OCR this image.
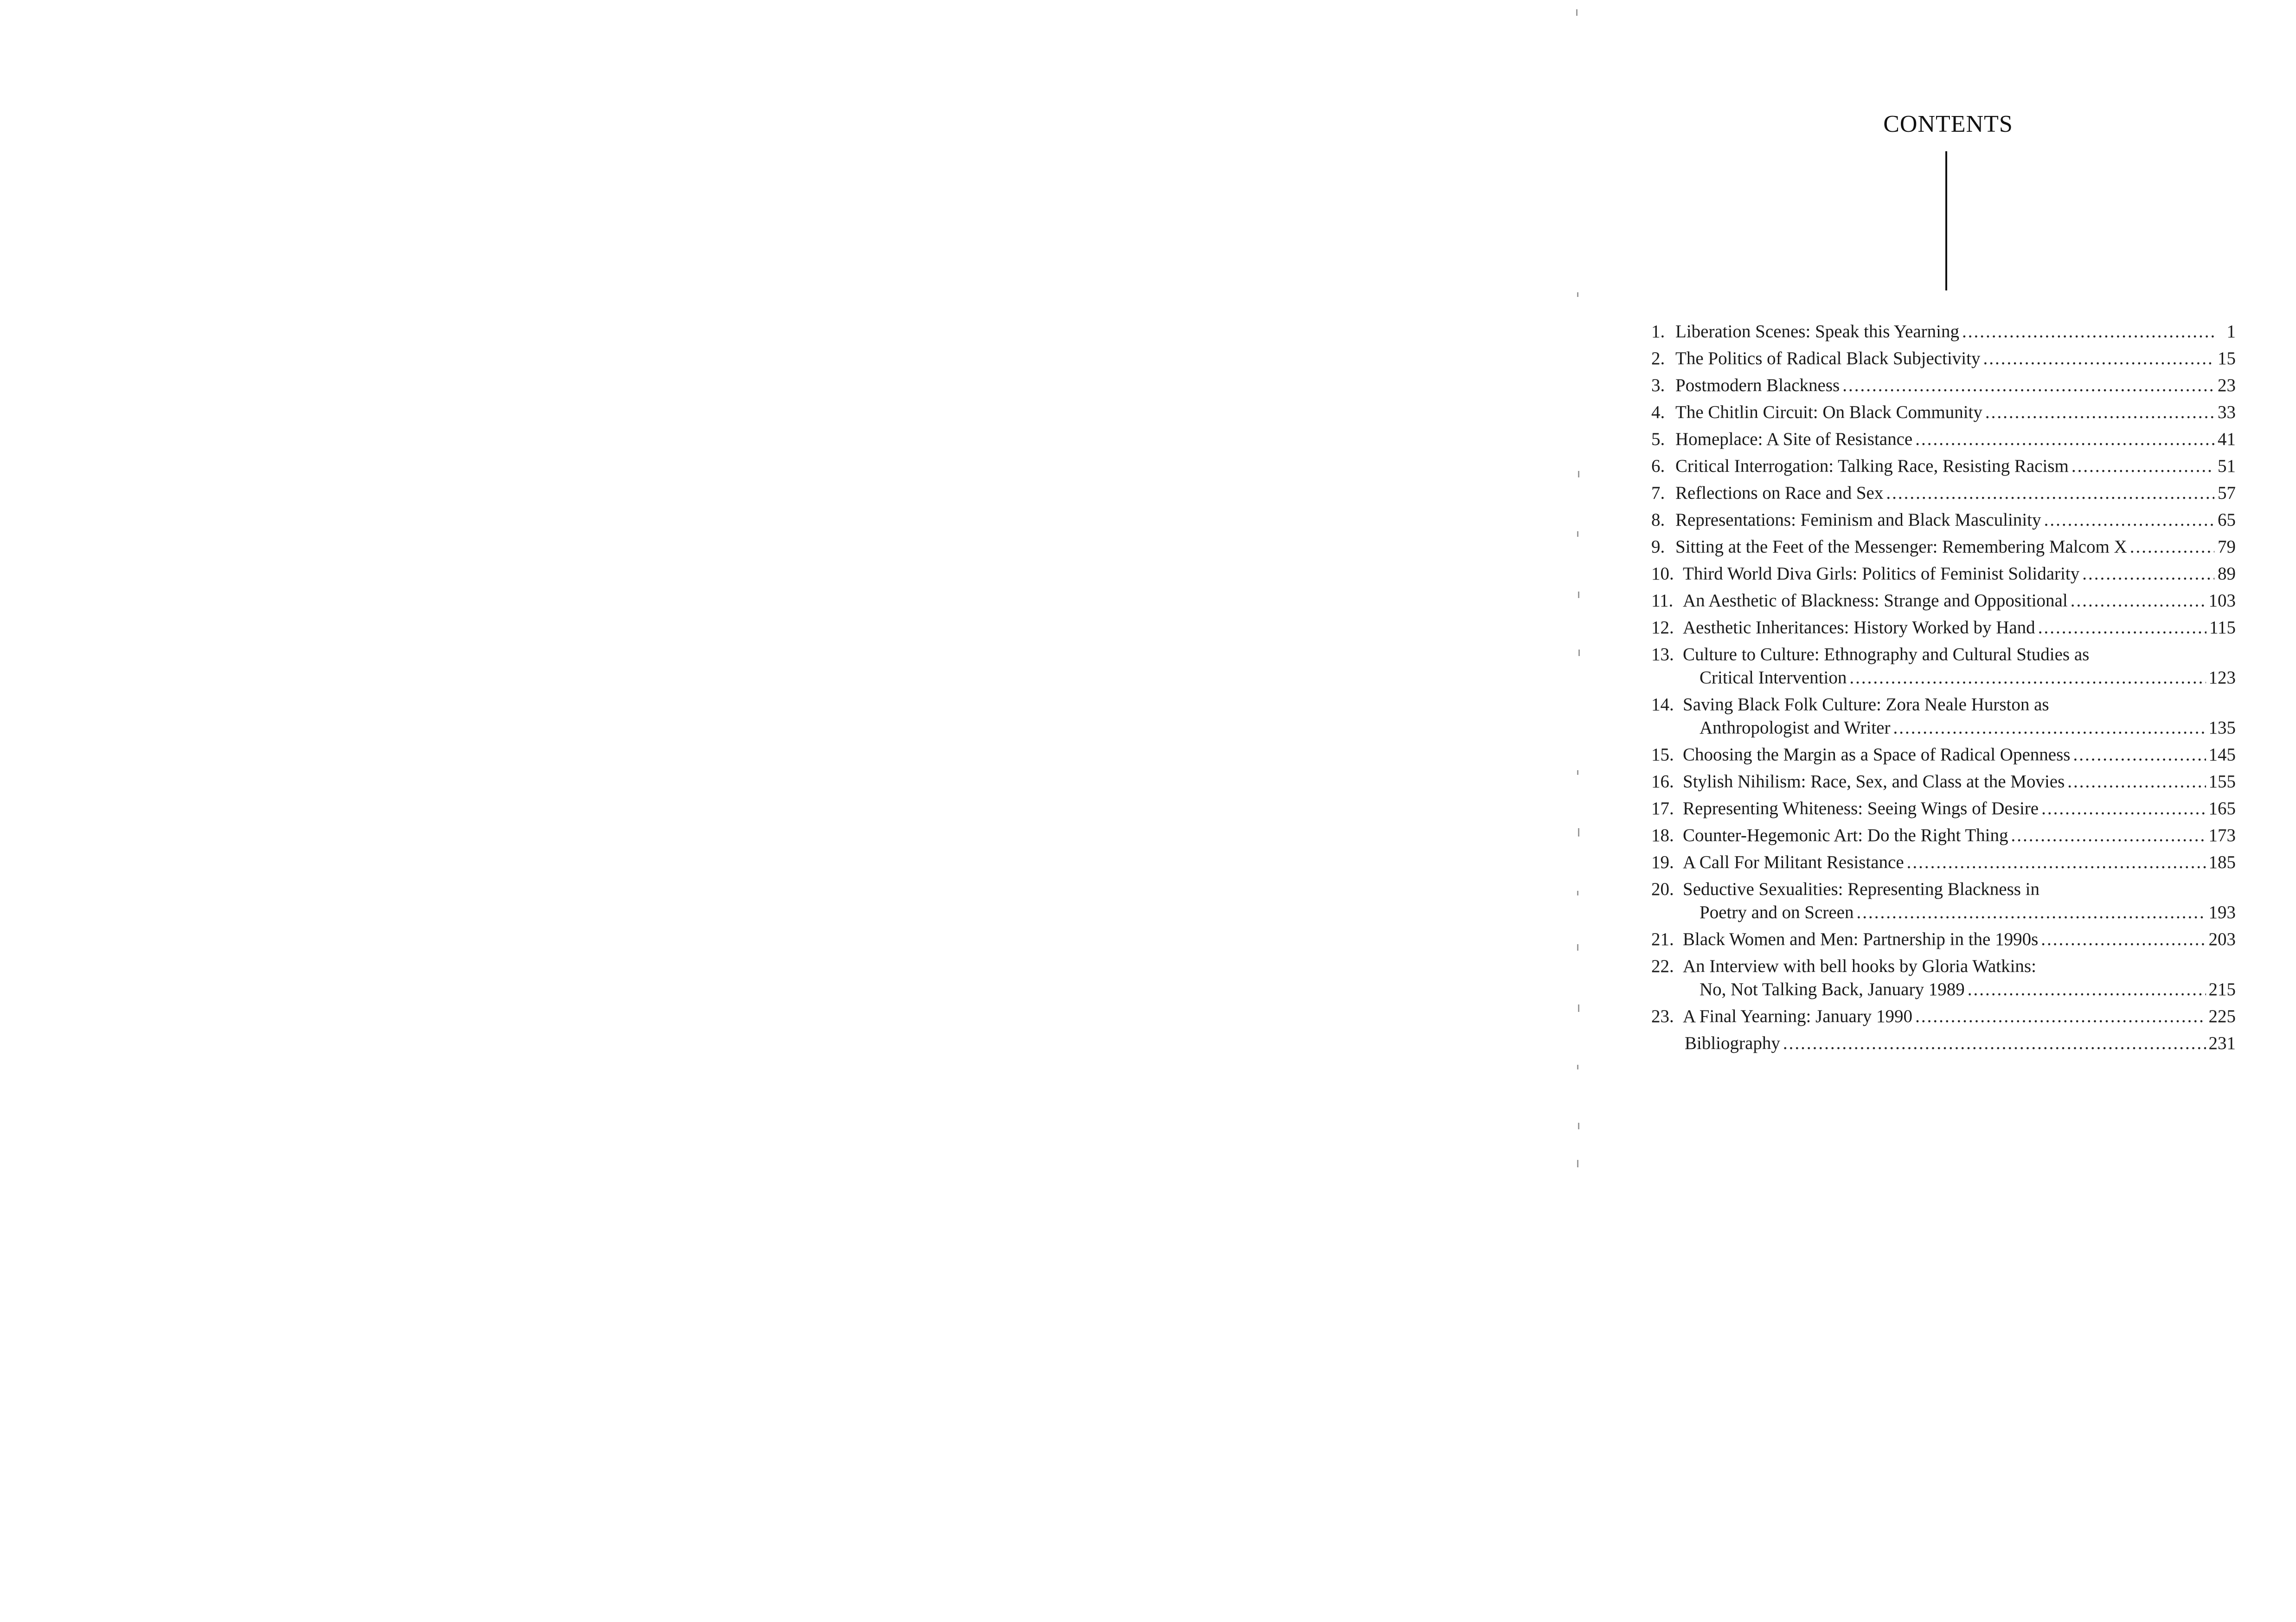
CONTENTS
1. Liberation Scenes: Speak this Yearning .....	1
2. The Politics of Radical Black Subjectivity .....	15
3. Postmodern Blackness .....	23
4. The Chitlin Circuit: On Black Community .....	33
5. Homeplace: A Site of Resistance .....	41
6. Critical Interrogation: Talking Race, Resisting Racism .....	51
7. Reflections on Race and Sex .....	57
8. Representations: Feminism and Black Masculinity .....	65
9. Sitting at the Feet of the Messenger: Remembering Malcom X .....	79
10. Third World Diva Girls: Politics of Feminist Solidarity .....	89
11. An Aesthetic of Blackness: Strange and Oppositional .....	103
12. Aesthetic Inheritances: History Worked by Hand .....	115
13. Culture to Culture: Ethnography and Cultural Studies as
Critical Intervention .....	123
14. Saving Black Folk Culture: Zora Neale Hurston as
Anthropologist and Writer .....	135
15. Choosing the Margin as a Space of Radical Openness .....	145
16. Stylish Nihilism: Race, Sex, and Class at the Movies .....	155
17. Representing Whiteness: Seeing Wings of Desire .....	165
18. Counter-Hegemonic Art: Do the Right Thing .....	173
19. A Call For Militant Resistance .....	185
20. Seductive Sexualities: Representing Blackness in
Poetry and on Screen .....	193
21. Black Women and Men: Partnership in the 1990s .....	203
22. An Interview with bell hooks by Gloria Watkins:
No, Not Talking Back, January 1989 .....	215
23. A Final Yearning: January 1990 .....	225
Bibliography .....	231
